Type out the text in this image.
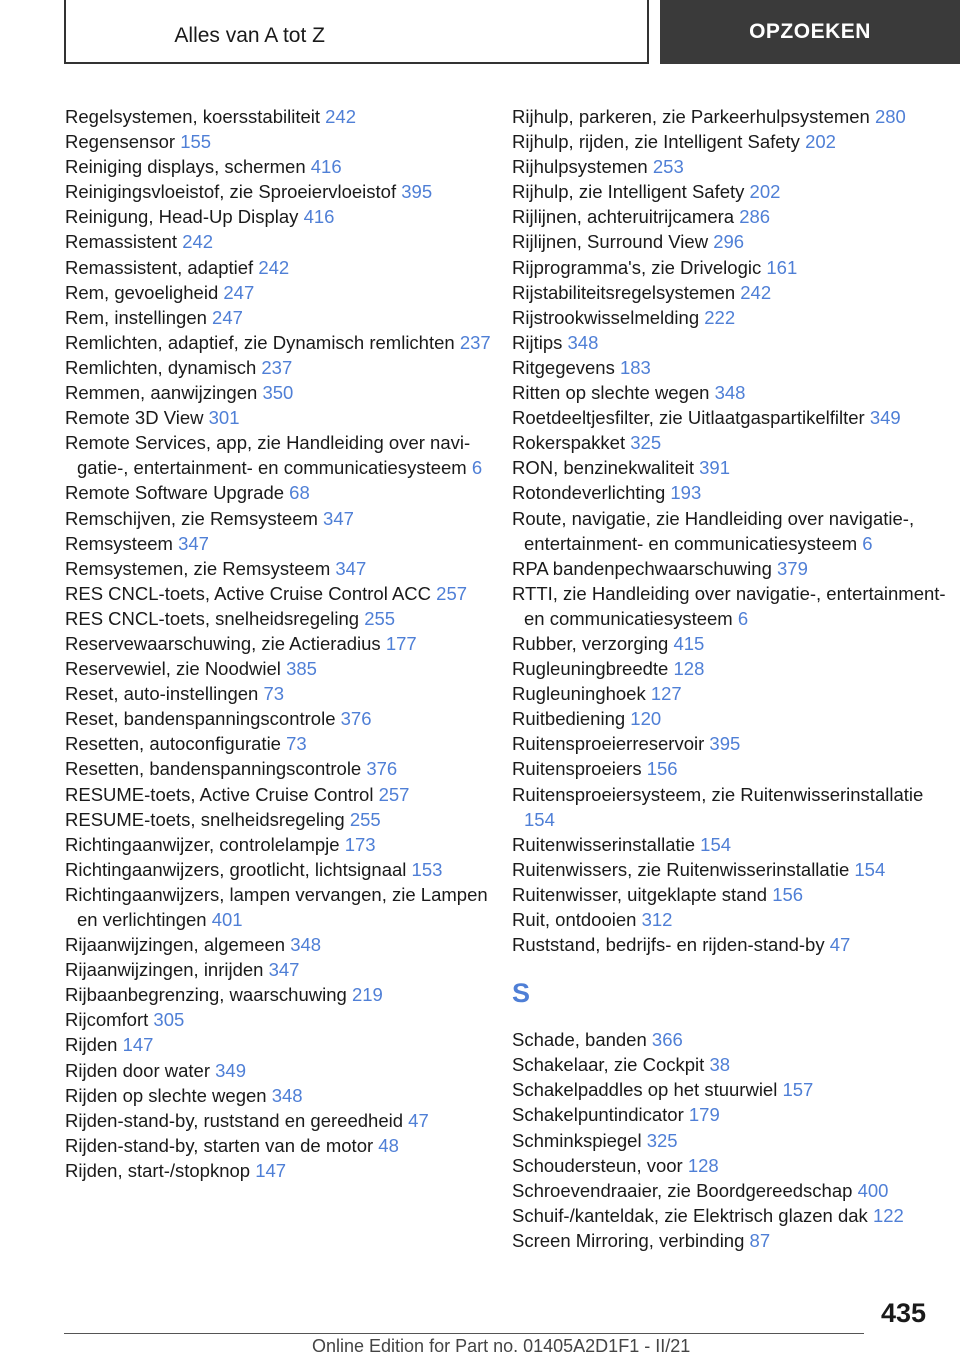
Alles van A tot Z	OPZOEKEN
Regelsystemen, koersstabiliteit 242
Regensensor 155
Reiniging displays, schermen 416
Reinigingsvloeistof, zie Sproeiervloeistof 395
Reinigung, Head-Up Display 416
Remassistent 242
Remassistent, adaptief 242
Rem, gevoeligheid 247
Rem, instellingen 247
Remlichten, adaptief, zie Dynamisch remlichten 237
Remlichten, dynamisch 237
Remmen, aanwijzingen 350
Remote 3D View 301
Remote Services, app, zie Handleiding over navigatie-, entertainment- en communicatiesysteem 6
Remote Software Upgrade 68
Remschijven, zie Remsysteem 347
Remsysteem 347
Remsystemen, zie Remsysteem 347
RES CNCL-toets, Active Cruise Control ACC 257
RES CNCL-toets, snelheidsregeling 255
Reservewaarschuwing, zie Actieradius 177
Reservewiel, zie Noodwiel 385
Reset, auto-instellingen 73
Reset, bandenspanningscontrole 376
Resetten, autoconfiguratie 73
Resetten, bandenspanningscontrole 376
RESUME-toets, Active Cruise Control 257
RESUME-toets, snelheidsregeling 255
Richtingaanwijzer, controlelampje 173
Richtingaanwijzers, grootlicht, lichtsignaal 153
Richtingaanwijzers, lampen vervangen, zie Lampen en verlichtingen 401
Rijaanwijzingen, algemeen 348
Rijaanwijzingen, inrijden 347
Rijbaanbegrenzing, waarschuwing 219
Rijcomfort 305
Rijden 147
Rijden door water 349
Rijden op slechte wegen 348
Rijden-stand-by, ruststand en gereedheid 47
Rijden-stand-by, starten van de motor 48
Rijden, start-/stopknop 147
Rijhulp, parkeren, zie Parkeerhulpsystemen 280
Rijhulp, rijden, zie Intelligent Safety 202
Rijhulpsystemen 253
Rijhulp, zie Intelligent Safety 202
Rijlijnen, achteruitrijcamera 286
Rijlijnen, Surround View 296
Rijprogramma's, zie Drivelogic 161
Rijstabiliteitsregelsystemen 242
Rijstrookwisselmelding 222
Rijtips 348
Ritgegevens 183
Ritten op slechte wegen 348
Roetdeeltjesfilter, zie Uitlaatgaspartikelfilter 349
Rokerspakket 325
RON, benzinekwaliteit 391
Rotondeverlichting 193
Route, navigatie, zie Handleiding over navigatie-, entertainment- en communicatiesysteem 6
RPA bandenpechwaarschuwing 379
RTTI, zie Handleiding over navigatie-, entertainment- en communicatiesysteem 6
Rubber, verzorging 415
Rugleuningbreedte 128
Rugleuninghoek 127
Ruitbediening 120
Ruitensproeierreservoir 395
Ruitensproeiers 156
Ruitensproeiersysteem, zie Ruitenwisserinstallatie 154
Ruitenwisserinstallatie 154
Ruitenwissers, zie Ruitenwisserinstallatie 154
Ruitenwisser, uitgeklapte stand 156
Ruit, ontdooien 312
Ruststand, bedrijfs- en rijden-stand-by 47
S
Schade, banden 366
Schakelaar, zie Cockpit 38
Schakelpaddles op het stuurwiel 157
Schakelpuntindicator 179
Schminkspiegel 325
Schoudersteun, voor 128
Schroevendraaier, zie Boordgereedschap 400
Schuif-/kanteldak, zie Elektrisch glazen dak 122
Screen Mirroring, verbinding 87
435
Online Edition for Part no. 01405A2D1F1 - II/21
